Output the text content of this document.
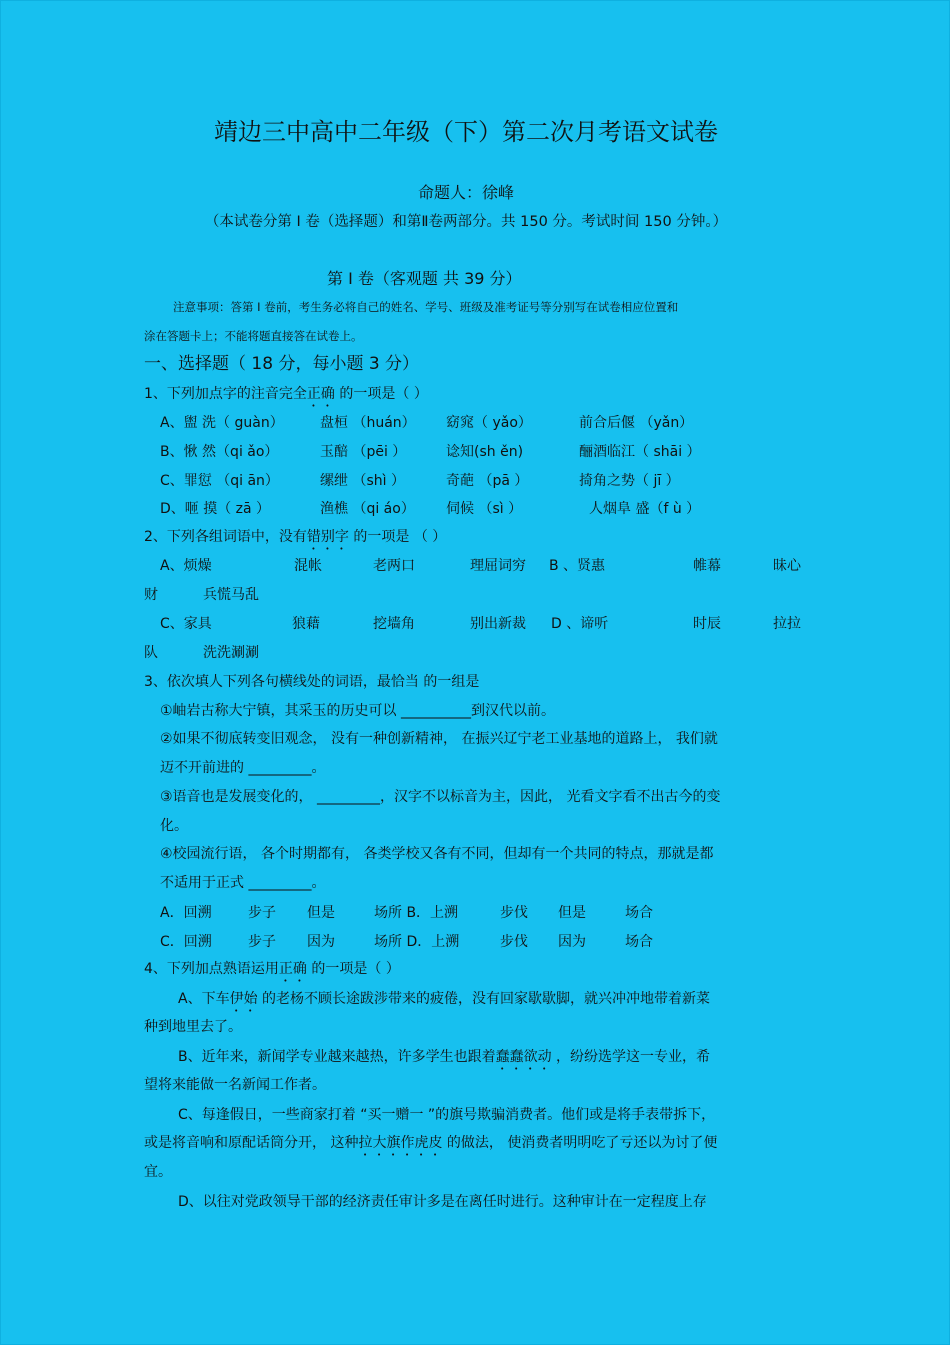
靖边三中高中二年级（下）第二次月考语文试卷
命题人：徐峰
（本试卷分第 I 卷（选择题）和第Ⅱ卷两部分。共 150 分。考试时间 150 分钟。）
第 I 卷（客观题 共 39 分）
注意事项：答第 I 卷前，考生务必将自己的姓名、学号、班级及准考证号等分别写在试卷相应位置和
涂在答题卡上；不能将题直接答在试卷上。
一、选择题（ 18 分，每小题 3 分）
1、下列加点字的注音完全正确 的一项是（ ）
A、盥 洗（ guàn）	盘桓 （huán） 窈窕（ yǎo）	前合后偃 （yǎn）
B、愀 然（qi ǎo）	玉醅 （pēi ）	谂知(sh ěn)	酾酒临江（ shāi ）
C、罪愆 （qi ān）	缧绁 （shì ）	奇葩 （pā ）	掎角之势（ jī ）
D、咂 摸（ zā ）	渔樵 （qi áo） 伺候 （sì ）	人烟阜 盛（f ù ）
2、下列各组词语中，没有错别字 的一项是 （ ）
A、烦燥	混帐	老两口	理屈词穷 B 、贤惠	帷幕	昧心
财	兵慌马乱
C、家具	狼藉	挖墙角	别出新裁 D 、谛听	时辰	拉拉
队	洗洗涮涮
3、依次填人下列各句横线处的词语，最恰当 的一组是
①岫岩古称大宁镇，其采玉的历史可以 __________到汉代以前。
②如果不彻底转变旧观念， 没有一种创新精神， 在振兴辽宁老工业基地的道路上， 我们就
迈不开前进的 _________。
③语音也是发展变化的， _________，汉字不以标音为主，因此， 光看文字看不出古今的变
化。
④校园流行语， 各个时期都有， 各类学校又各有不同，但却有一个共同的特点，那就是都
不适用于正式 _________。
A．回溯	步子 但是	场所 B．上溯	步伐 但是	场合
C．回溯	步子 因为	场所 D．上溯	步伐 因为	场合
4、下列加点熟语运用正确 的一项是（ ）
A、下车伊始 的老杨不顾长途跋涉带来的疲倦，没有回家歇歇脚，就兴冲冲地带着新菜
种到地里去了。
B、近年来，新闻学专业越来越热，许多学生也跟着蠢蠢欲动 ，纷纷选学这一专业，希
望将来能做一名新闻工作者。
C、每逢假日，一些商家打着 “买一赠一 ”的旗号欺骗消费者。他们或是将手表带拆下，
或是将音响和原配话筒分开， 这种拉大旗作虎皮 的做法， 使消费者明明吃了亏还以为讨了便
宜。
D、以往对党政领导干部的经济责任审计多是在离任时进行。这种审计在一定程度上存
